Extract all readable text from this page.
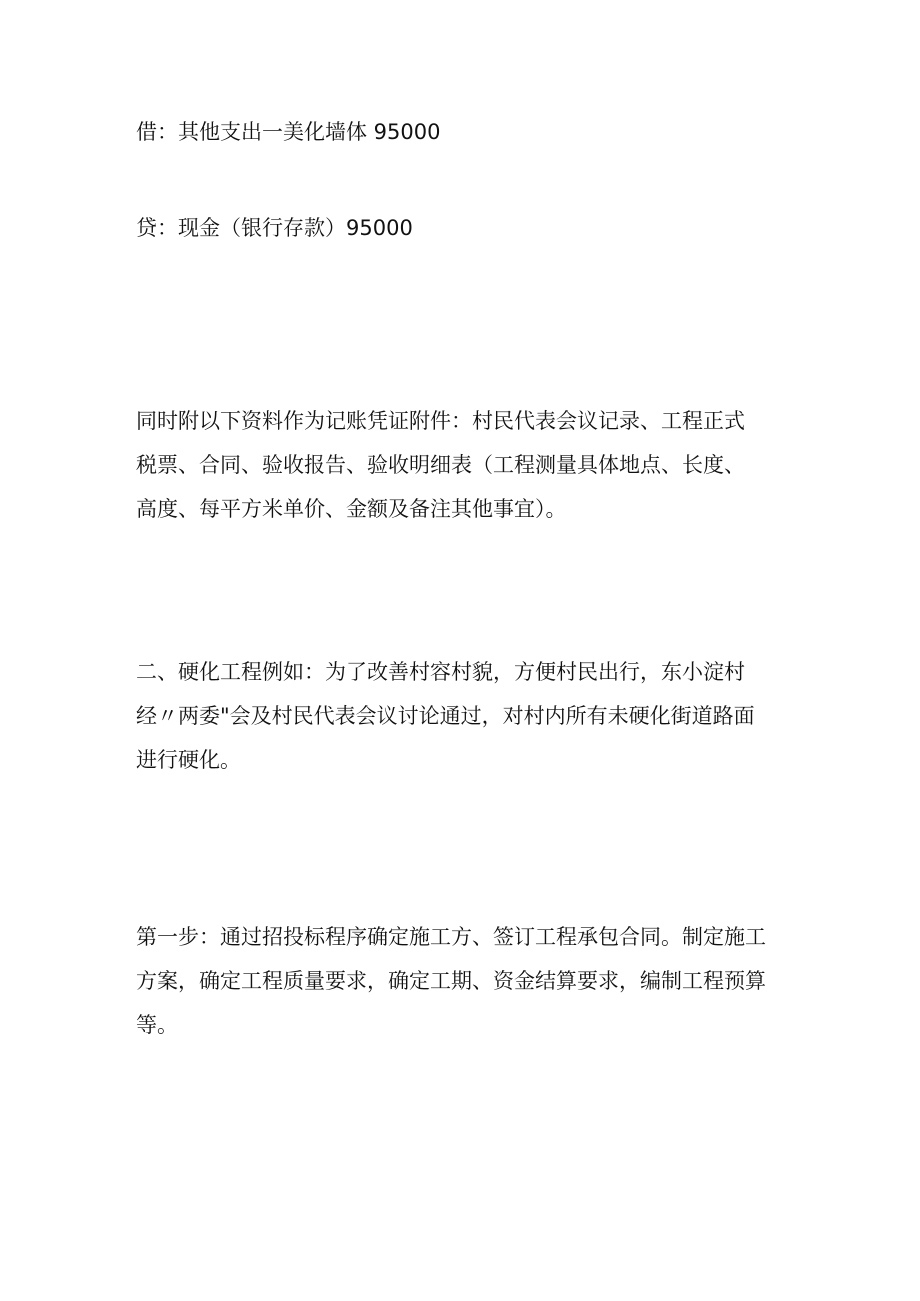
借：其他支出一美化墙体 95000

贷：现金（银行存款）95000

同时附以下资料作为记账凭证附件：村民代表会议记录、工程正式
税票、合同、验收报告、验收明细表（工程测量具体地点、长度、
高度、每平方米单价、金额及备注其他事宜）。

二、硬化工程例如：为了改善村容村貌，方便村民出行，东小淀村
经〃两委"会及村民代表会议讨论通过，对村内所有未硬化街道路面
进行硬化。

第一步：通过招投标程序确定施工方、签订工程承包合同。制定施工
方案，确定工程质量要求，确定工期、资金结算要求，编制工程预算
等。
